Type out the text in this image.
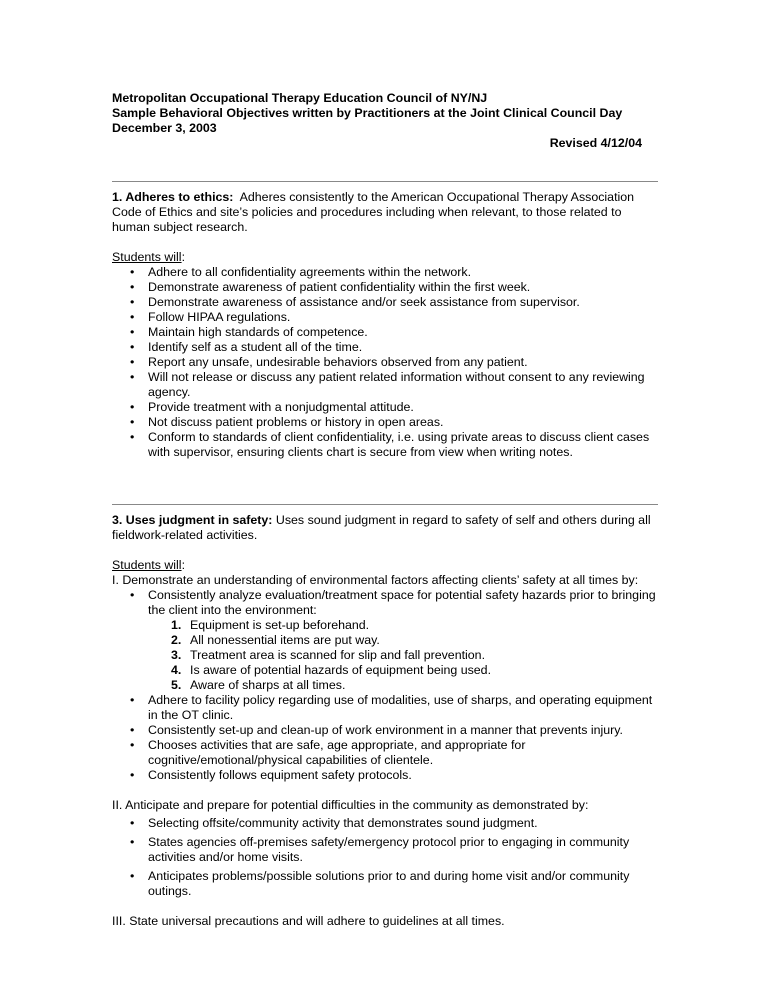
Metropolitan Occupational Therapy Education Council of NY/NJ
Sample Behavioral Objectives written by Practitioners at the Joint Clinical Council Day
December 3, 2003
Revised 4/12/04
1. Adheres to ethics: Adheres consistently to the American Occupational Therapy Association Code of Ethics and site’s policies and procedures including when relevant, to those related to human subject research.
Students will:
• Adhere to all confidentiality agreements within the network.
• Demonstrate awareness of patient confidentiality within the first week.
• Demonstrate awareness of assistance and/or seek assistance from supervisor.
• Follow HIPAA regulations.
• Maintain high standards of competence.
• Identify self as a student all of the time.
• Report any unsafe, undesirable behaviors observed from any patient.
• Will not release or discuss any patient related information without consent to any reviewing agency.
• Provide treatment with a nonjudgmental attitude.
• Not discuss patient problems or history in open areas.
• Conform to standards of client confidentiality, i.e. using private areas to discuss client cases with supervisor, ensuring clients chart is secure from view when writing notes.
3. Uses judgment in safety: Uses sound judgment in regard to safety of self and others during all fieldwork-related activities.
Students will:
I. Demonstrate an understanding of environmental factors affecting clients’ safety at all times by:
• Consistently analyze evaluation/treatment space for potential safety hazards prior to bringing the client into the environment:
1. Equipment is set-up beforehand.
2. All nonessential items are put way.
3. Treatment area is scanned for slip and fall prevention.
4. Is aware of potential hazards of equipment being used.
5. Aware of sharps at all times.
• Adhere to facility policy regarding use of modalities, use of sharps, and operating equipment in the OT clinic.
• Consistently set-up and clean-up of work environment in a manner that prevents injury.
• Chooses activities that are safe, age appropriate, and appropriate for cognitive/emotional/physical capabilities of clientele.
• Consistently follows equipment safety protocols.
II. Anticipate and prepare for potential difficulties in the community as demonstrated by:
• Selecting offsite/community activity that demonstrates sound judgment.
• States agencies off-premises safety/emergency protocol prior to engaging in community activities and/or home visits.
• Anticipates problems/possible solutions prior to and during home visit and/or community outings.
III. State universal precautions and will adhere to guidelines at all times.
